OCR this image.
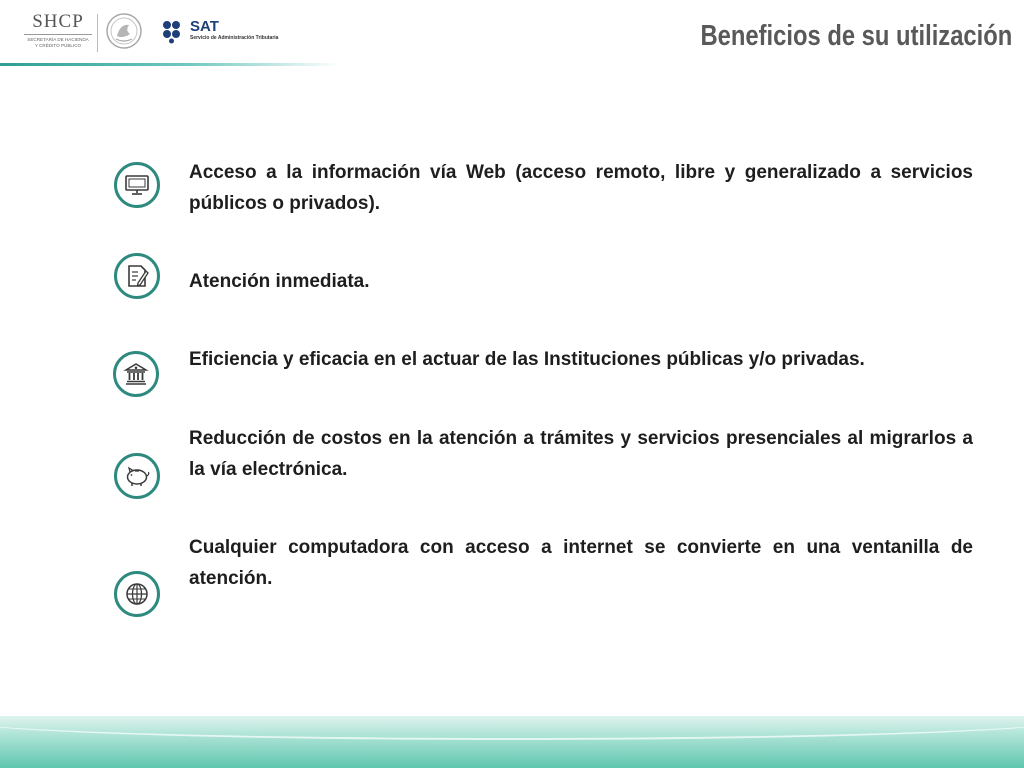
SHCP
SECRETARÍA DE HACIENDA
Y CRÉDITO PÚBLICO
SAT
Servicio de Administración Tributaria	Beneficios de su utilización
Acceso a la información vía Web (acceso remoto, libre y generalizado a servicios públicos o privados).
Atención inmediata.
Eficiencia y eficacia en el actuar de las Instituciones públicas y/o privadas.
Reducción de costos en la atención a trámites y servicios presenciales al migrarlos a la vía electrónica.
Cualquier computadora con acceso a internet se convierte en una ventanilla de atención.
